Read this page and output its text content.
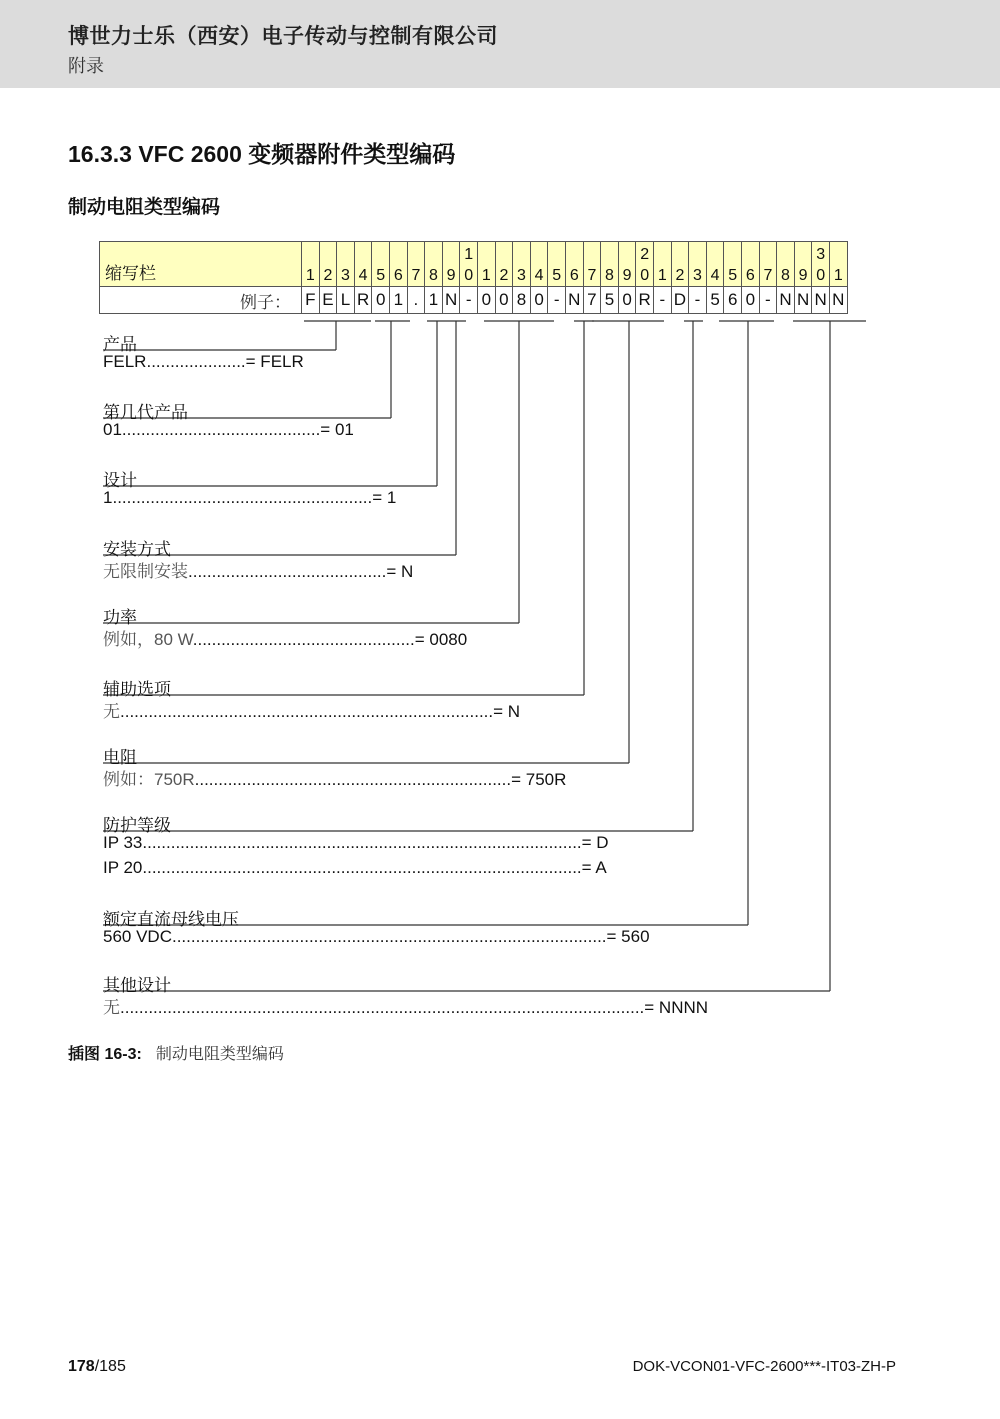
博世力士乐（西安）电子传动与控制有限公司
附录
16.3.3 VFC 2600 变频器附件类型编码
制动电阻类型编码
缩写栏
例子：
1
F
2
E
3
L
4
R
5
0
6
1
7
.
8
1
9
N
1
0
-
1
0
2
0
3
8
4
0
5
-
6
N
7
7
8
5
9
0
2
0
R
1
-
2
D
3
-
4
5
5
6
6
0
7
-
8
N
9
N
3
0
N
1
N
产品
FELR.....................= FELR
第几代产品
01..........................................= 01
设计
1.......................................................= 1
安装方式
无限制安装..........................................= N
功率
例如，80 W...............................................= 0080
辅助选项
无...............................................................................= N
电阻
例如：750R...................................................................= 750R
防护等级
IP 33.............................................................................................= D
IP 20.............................................................................................= A
额定直流母线电压
560 VDC............................................................................................= 560
其他设计
无...............................................................................................................= NNNN
插图 16-3: 制动电阻类型编码
178/185	DOK-VCON01-VFC-2600***-IT03-ZH-P
